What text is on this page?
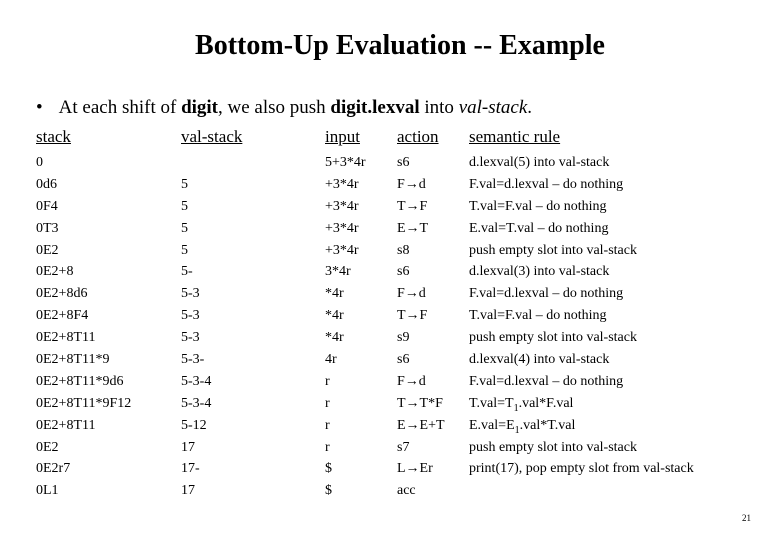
Bottom-Up Evaluation -- Example
• At each shift of digit, we also push digit.lexval into val-stack.
stack
0
0d6
0F4
0T3
0E2
0E2+8
0E2+8d6
0E2+8F4
0E2+8T11
0E2+8T11*9
0E2+8T11*9d6
0E2+8T11*9F12
0E2+8T11
0E2
0E2r7
0L1
val-stack
5
5
5
5
5-
5-3
5-3
5-3
5-3-
5-3-4
5-3-4
5-12
17
17-
17
input
5+3*4r
+3*4r
+3*4r
+3*4r
+3*4r
3*4r
*4r
*4r
*4r
4r
r
r
r
r
$
$
action
s6
F→d
T→F
E→T
s8
s6
F→d
T→F
s9
s6
F→d
T→T*F
E→E+T
s7
L→Er
acc
semantic rule
d.lexval(5) into val-stack
F.val=d.lexval – do nothing
T.val=F.val – do nothing
E.val=T.val – do nothing
push empty slot into val-stack
d.lexval(3) into val-stack
F.val=d.lexval – do nothing
T.val=F.val – do nothing
push empty slot into val-stack
d.lexval(4) into val-stack
F.val=d.lexval – do nothing
$T.val=T_1.val*F.val$
$E.val=E_1.val*T.val$
push empty slot into val-stack
print(17), pop empty slot from val-stack
21
